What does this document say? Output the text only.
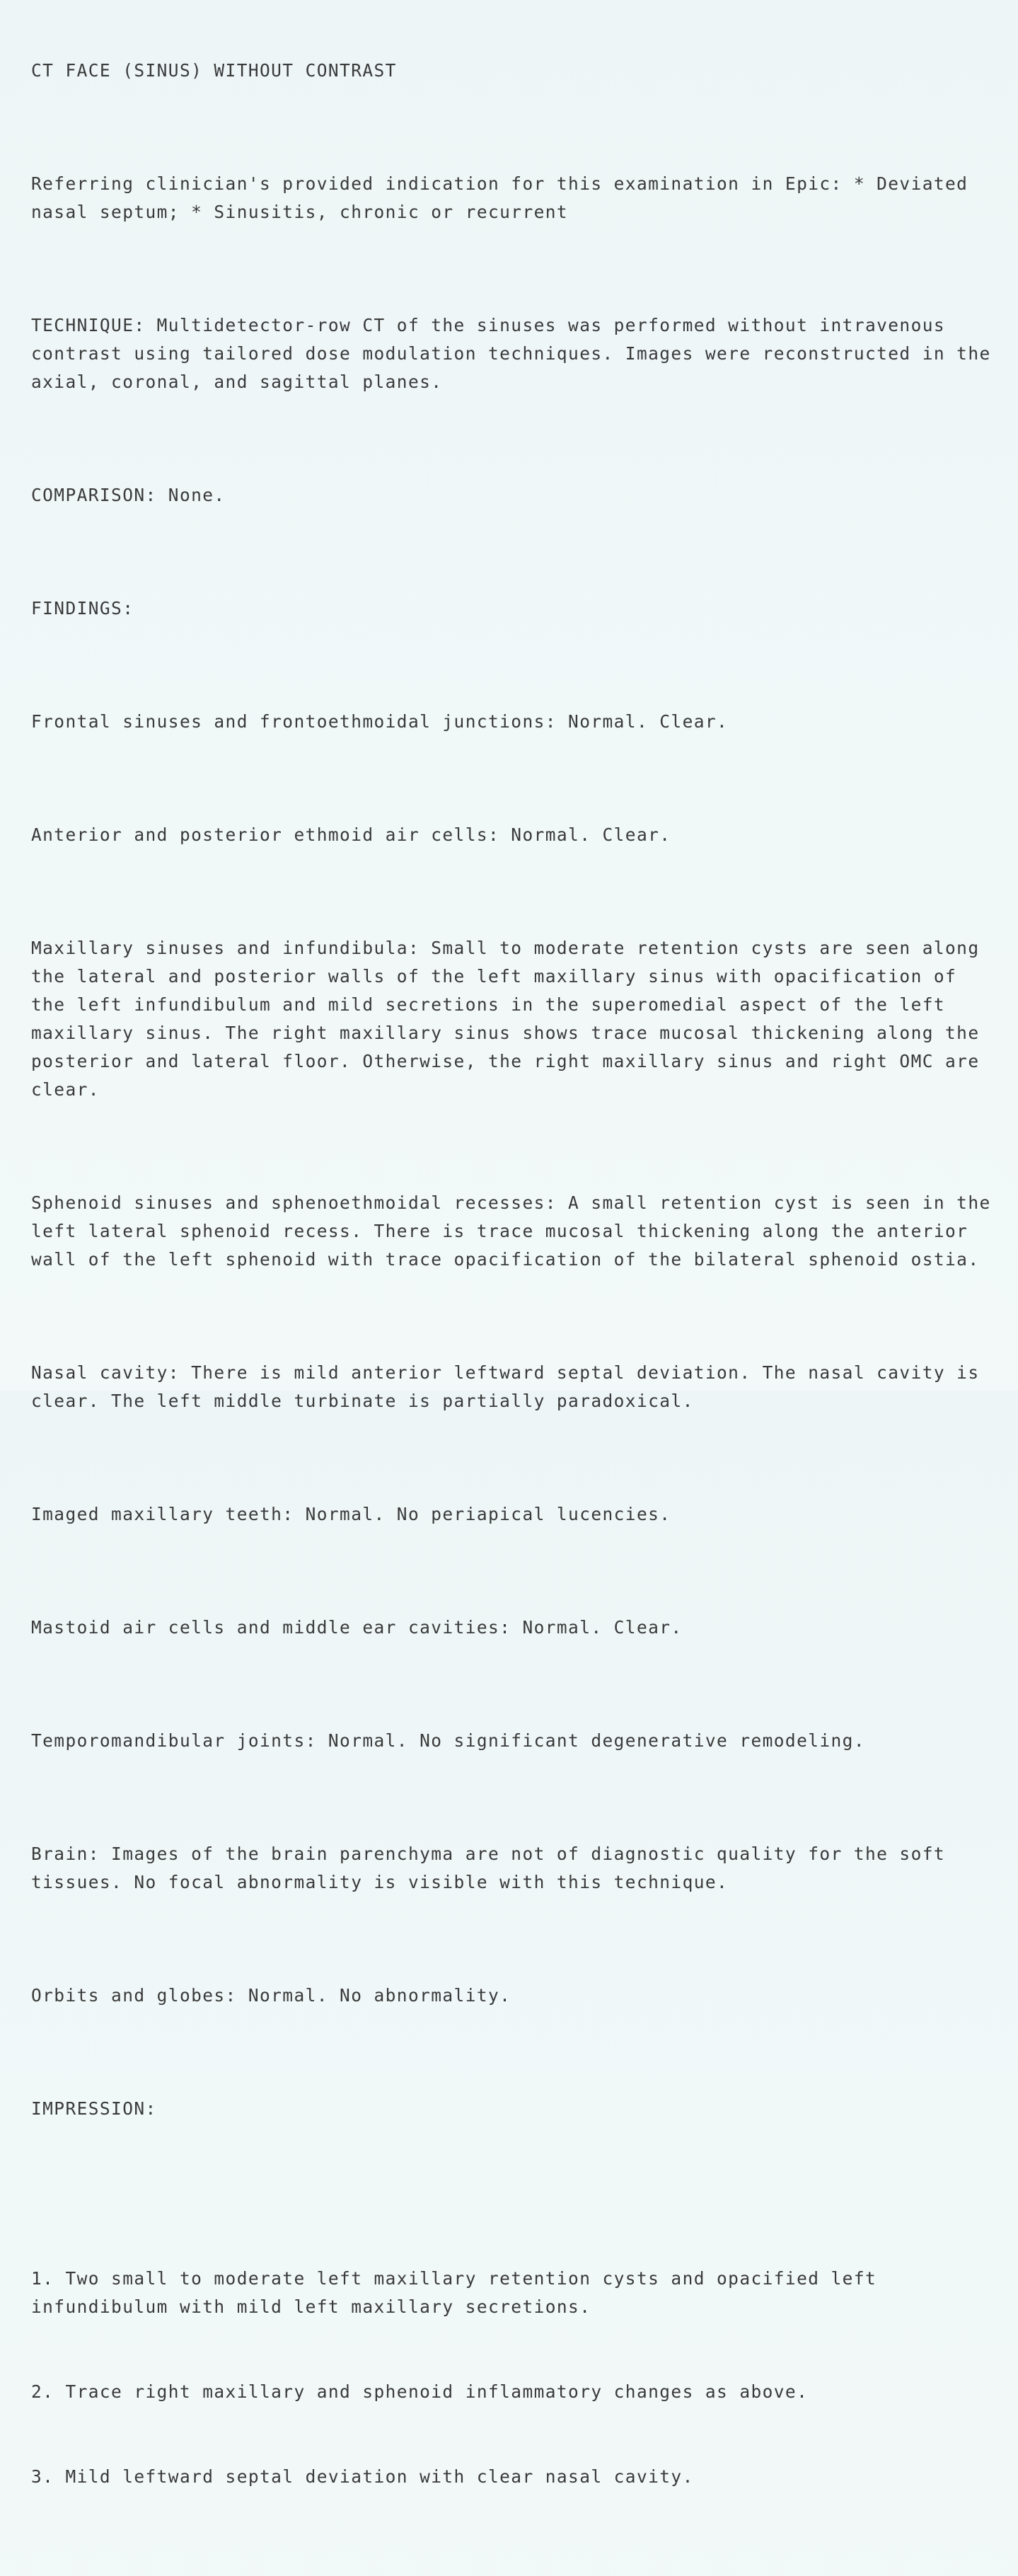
CT FACE (SINUS) WITHOUT CONTRAST

Referring clinician's provided indication for this examination in Epic: * Deviated nasal septum; * Sinusitis, chronic or recurrent

TECHNIQUE: Multidetector-row CT of the sinuses was performed without intravenous contrast using tailored dose modulation techniques. Images were reconstructed in the axial, coronal, and sagittal planes.

COMPARISON: None.

FINDINGS:

Frontal sinuses and frontoethmoidal junctions: Normal. Clear.

Anterior and posterior ethmoid air cells: Normal. Clear.

Maxillary sinuses and infundibula: Small to moderate retention cysts are seen along the lateral and posterior walls of the left maxillary sinus with opacification of the left infundibulum and mild secretions in the superomedial aspect of the left maxillary sinus. The right maxillary sinus shows trace mucosal thickening along the posterior and lateral floor. Otherwise, the right maxillary sinus and right OMC are clear.

Sphenoid sinuses and sphenoethmoidal recesses: A small retention cyst is seen in the left lateral sphenoid recess. There is trace mucosal thickening along the anterior wall of the left sphenoid with trace opacification of the bilateral sphenoid ostia.

Nasal cavity: There is mild anterior leftward septal deviation. The nasal cavity is clear. The left middle turbinate is partially paradoxical.

Imaged maxillary teeth: Normal. No periapical lucencies.

Mastoid air cells and middle ear cavities: Normal. Clear.

Temporomandibular joints: Normal. No significant degenerative remodeling.

Brain: Images of the brain parenchyma are not of diagnostic quality for the soft tissues. No focal abnormality is visible with this technique.

Orbits and globes: Normal. No abnormality.

IMPRESSION:

1. Two small to moderate left maxillary retention cysts and opacified left infundibulum with mild left maxillary secretions.

2. Trace right maxillary and sphenoid inflammatory changes as above.

3. Mild leftward septal deviation with clear nasal cavity.
